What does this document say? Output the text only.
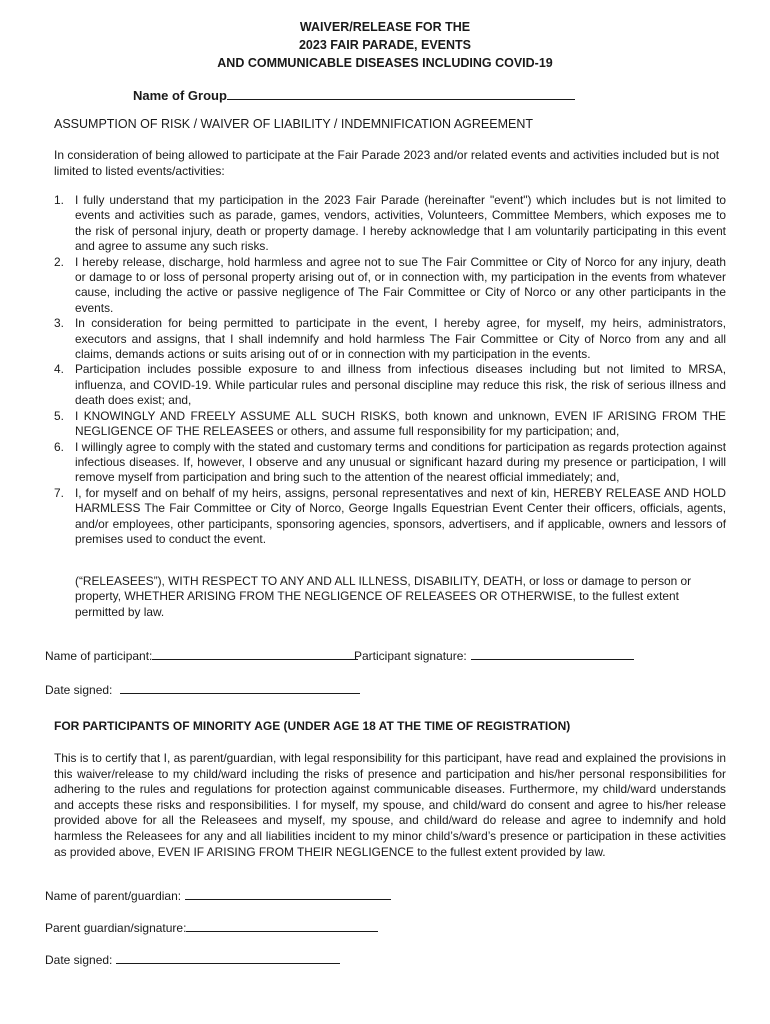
WAIVER/RELEASE FOR THE
2023 FAIR PARADE, EVENTS
AND COMMUNICABLE DISEASES INCLUDING COVID-19
Name of Group
ASSUMPTION OF RISK / WAIVER OF LIABILITY / INDEMNIFICATION AGREEMENT
In consideration of being allowed to participate at the Fair Parade 2023 and/or related events and activities included but is not limited to listed events/activities:
1. I fully understand that my participation in the 2023 Fair Parade (hereinafter "event") which includes but is not limited to events and activities such as parade, games, vendors, activities, Volunteers, Committee Members, which exposes me to the risk of personal injury, death or property damage. I hereby acknowledge that I am voluntarily participating in this event and agree to assume any such risks.
2. I hereby release, discharge, hold harmless and agree not to sue The Fair Committee or City of Norco for any injury, death or damage to or loss of personal property arising out of, or in connection with, my participation in the events from whatever cause, including the active or passive negligence of The Fair Committee or City of Norco or any other participants in the events.
3. In consideration for being permitted to participate in the event, I hereby agree, for myself, my heirs, administrators, executors and assigns, that I shall indemnify and hold harmless The Fair Committee or City of Norco from any and all claims, demands actions or suits arising out of or in connection with my participation in the events.
4. Participation includes possible exposure to and illness from infectious diseases including but not limited to MRSA, influenza, and COVID-19. While particular rules and personal discipline may reduce this risk, the risk of serious illness and death does exist; and,
5. I KNOWINGLY AND FREELY ASSUME ALL SUCH RISKS, both known and unknown, EVEN IF ARISING FROM THE NEGLIGENCE OF THE RELEASEES or others, and assume full responsibility for my participation; and,
6. I willingly agree to comply with the stated and customary terms and conditions for participation as regards protection against infectious diseases. If, however, I observe and any unusual or significant hazard during my presence or participation, I will remove myself from participation and bring such to the attention of the nearest official immediately; and,
7. I, for myself and on behalf of my heirs, assigns, personal representatives and next of kin, HEREBY RELEASE AND HOLD HARMLESS The Fair Committee or City of Norco, George Ingalls Equestrian Event Center their officers, officials, agents, and/or employees, other participants, sponsoring agencies, sponsors, advertisers, and if applicable, owners and lessors of premises used to conduct the event.
(“RELEASEES”), WITH RESPECT TO ANY AND ALL ILLNESS, DISABILITY, DEATH, or loss or damage to person or property, WHETHER ARISING FROM THE NEGLIGENCE OF RELEASEES OR OTHERWISE, to the fullest extent permitted by law.
Name of participant:	Participant signature:
Date signed:
FOR PARTICIPANTS OF MINORITY AGE (UNDER AGE 18 AT THE TIME OF REGISTRATION)
This is to certify that I, as parent/guardian, with legal responsibility for this participant, have read and explained the provisions in this waiver/release to my child/ward including the risks of presence and participation and his/her personal responsibilities for adhering to the rules and regulations for protection against communicable diseases. Furthermore, my child/ward understands and accepts these risks and responsibilities. I for myself, my spouse, and child/ward do consent and agree to his/her release provided above for all the Releasees and myself, my spouse, and child/ward do release and agree to indemnify and hold harmless the Releasees for any and all liabilities incident to my minor child’s/ward’s presence or participation in these activities as provided above, EVEN IF ARISING FROM THEIR NEGLIGENCE to the fullest extent provided by law.
Name of parent/guardian:
Parent guardian/signature:
Date signed:
